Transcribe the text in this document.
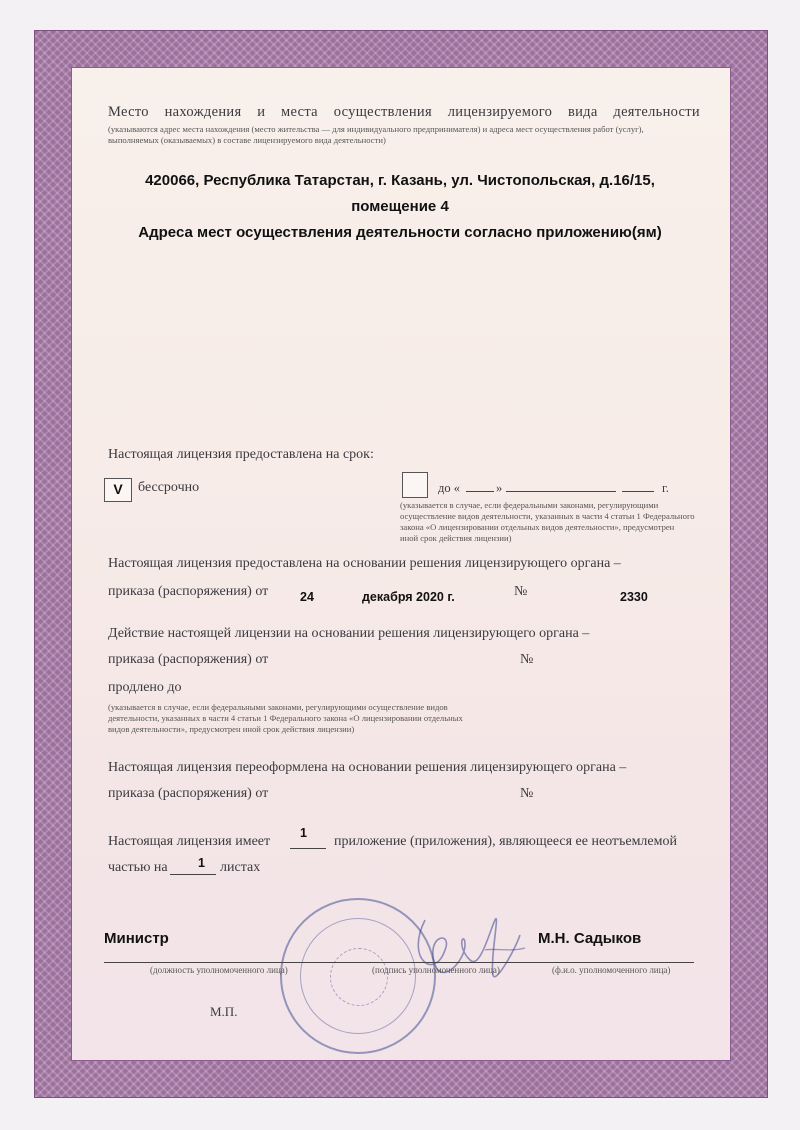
Место нахождения и места осуществления лицензируемого вида деятельности
(указываются адрес места нахождения (место жительства — для индивидуального предпринимателя) и адреса мест осуществления работ (услуг),
выполняемых (оказываемых) в составе лицензируемого вида деятельности)
420066, Республика Татарстан, г. Казань, ул. Чистопольская, д.16/15,
помещение 4
Адреса мест осуществления деятельности согласно приложению(ям)
Настоящая лицензия предоставлена на срок:
V	бессрочно	до «	»	г.
(указывается в случае, если федеральными законами, регулирующими
осуществление видов деятельности, указанных в части 4 статьи 1 Федерального
закона «О лицензировании отдельных видов деятельности», предусмотрен
иной срок действия лицензии)
Настоящая лицензия предоставлена на основании решения лицензирующего органа –
приказа (распоряжения) от	24	декабря 2020 г.	№	2330
Действие настоящей лицензии на основании решения лицензирующего органа –
приказа (распоряжения) от	№
продлено до
(указывается в случае, если федеральными законами, регулирующими осуществление видов
деятельности, указанных в части 4 статьи 1 Федерального закона «О лицензировании отдельных
видов деятельности», предусмотрен иной срок действия лицензии)
Настоящая лицензия переоформлена на основании решения лицензирующего органа –
приказа (распоряжения) от	№
Настоящая лицензия имеет
1
приложение (приложения), являющееся ее неотъемлемой
частью на 1 листах
Министр	М.Н. Садыков
(должность уполномоченного лица)	(подпись уполномоченного лица)	(ф.и.о. уполномоченного лица)
М.П.
